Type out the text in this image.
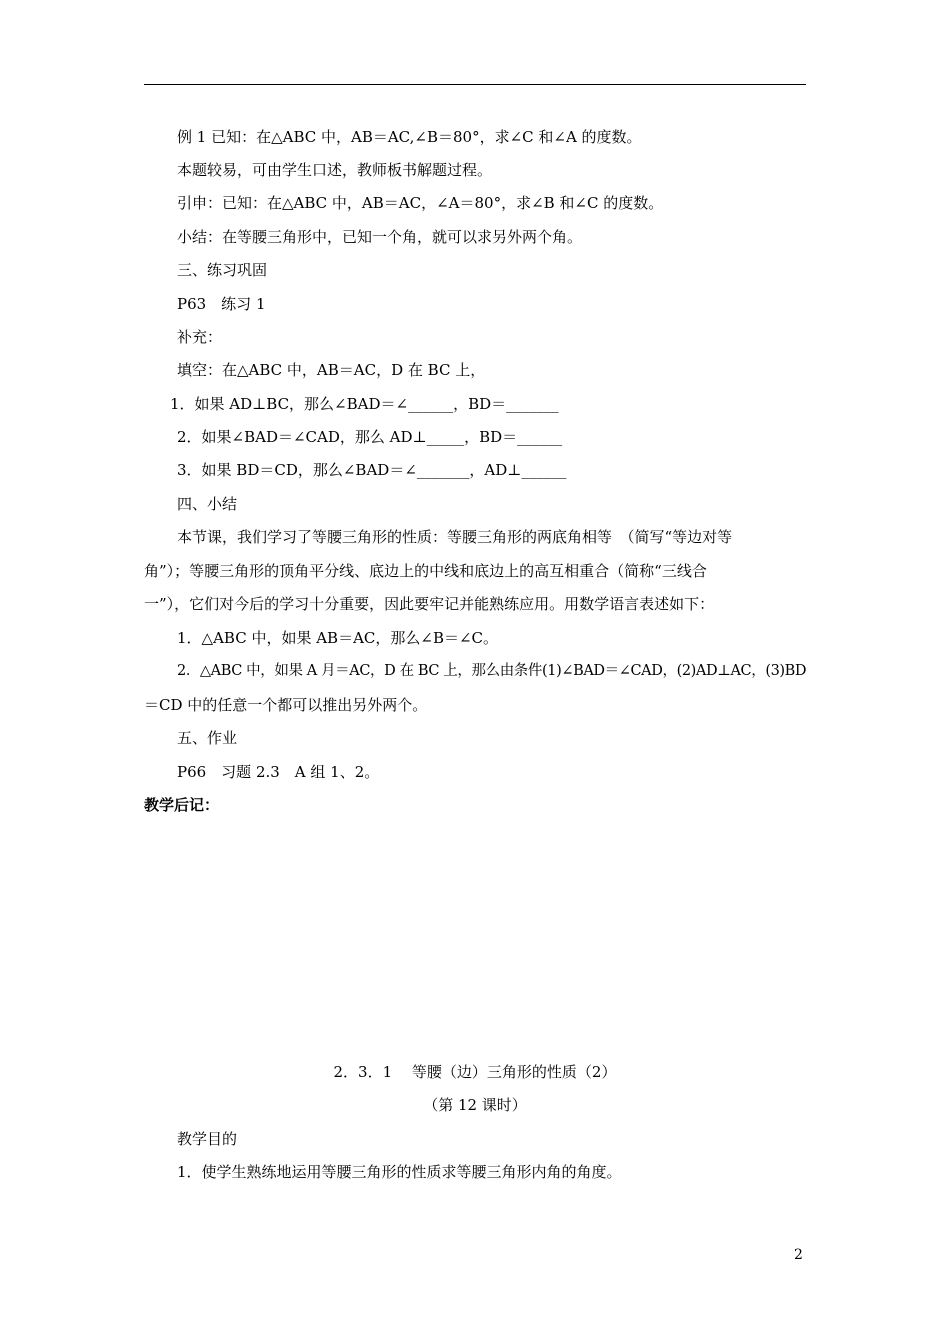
例 1 已知：在△ABC 中，AB＝AC,∠B＝80°，求∠C 和∠A 的度数。
本题较易，可由学生口述，教师板书解题过程。
引申：已知：在△ABC 中，AB＝AC，∠A＝80°，求∠B 和∠C 的度数。
小结：在等腰三角形中，已知一个角，就可以求另外两个角。
三、练习巩固
P63　练习 1
补充：
填空：在△ABC 中，AB＝AC，D 在 BC 上，
1．如果 AD⊥BC，那么∠BAD＝∠______，BD＝_______
2．如果∠BAD＝∠CAD，那么 AD⊥_____，BD＝______
3．如果 BD＝CD，那么∠BAD＝∠_______，AD⊥______
四、小结
本节课，我们学习了等腰三角形的性质：等腰三角形的两底角相等　（简写“等边对等
角”）；等腰三角形的顶角平分线、底边上的中线和底边上的高互相重合（简称“三线合
一”），它们对今后的学习十分重要，因此要牢记并能熟练应用。用数学语言表述如下：
1．△ABC 中，如果 AB＝AC，那么∠B＝∠C。
2．△ABC 中，如果 A 月＝AC，D 在 BC 上，那么由条件(1)∠BAD＝∠CAD，(2)AD⊥AC，(3)BD
＝CD 中的任意一个都可以推出另外两个。
五、作业
P66　习题 2.3　A 组 1、2。
教学后记：
2．3．1　 等腰（边）三角形的性质（2）
（第 12 课时）
教学目的
1．使学生熟练地运用等腰三角形的性质求等腰三角形内角的角度。
2
